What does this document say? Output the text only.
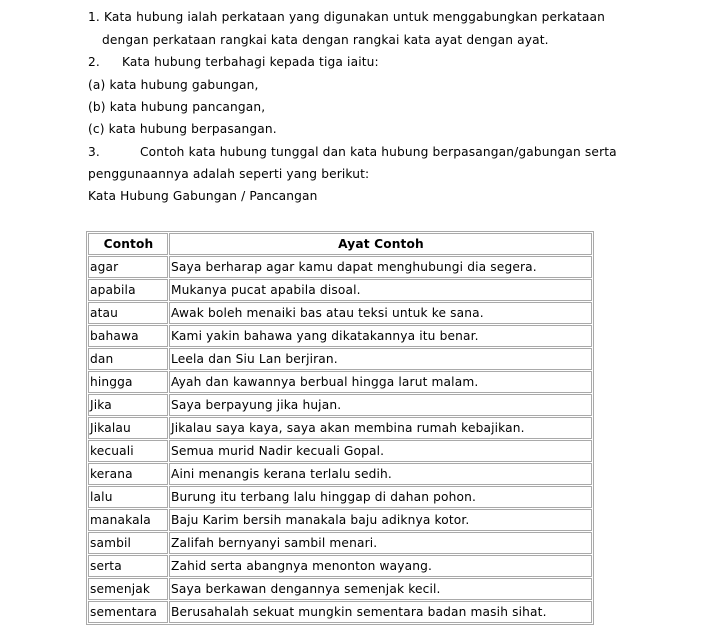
1. Kata hubung ialah perkataan yang digunakan untuk menggabungkan perkataan
dengan perkataan rangkai kata dengan rangkai kata ayat dengan ayat.
2. Kata hubung terbahagi kepada tiga iaitu:
(a) kata hubung gabungan,
(b) kata hubung pancangan,
(c) kata hubung berpasangan.
3.	Contoh kata hubung tunggal dan kata hubung berpasangan/gabungan serta
penggunaannya adalah seperti yang berikut:
Kata Hubung Gabungan / Pancangan
Contoh	Ayat Contoh
agar	Saya berharap agar kamu dapat menghubungi dia segera.
apabila	Mukanya pucat apabila disoal.
atau	Awak boleh menaiki bas atau teksi untuk ke sana.
bahawa	Kami yakin bahawa yang dikatakannya itu benar.
dan	Leela dan Siu Lan berjiran.
hingga	Ayah dan kawannya berbual hingga larut malam.
Jika	Saya berpayung jika hujan.
Jikalau	Jikalau saya kaya, saya akan membina rumah kebajikan.
kecuali	Semua murid Nadir kecuali Gopal.
kerana	Aini menangis kerana terlalu sedih.
lalu	Burung itu terbang lalu hinggap di dahan pohon.
manakala	Baju Karim bersih manakala baju adiknya kotor.
sambil	Zalifah bernyanyi sambil menari.
serta	Zahid serta abangnya menonton wayang.
semenjak	Saya berkawan dengannya semenjak kecil.
sementara	Berusahalah sekuat mungkin sementara badan masih sihat.
